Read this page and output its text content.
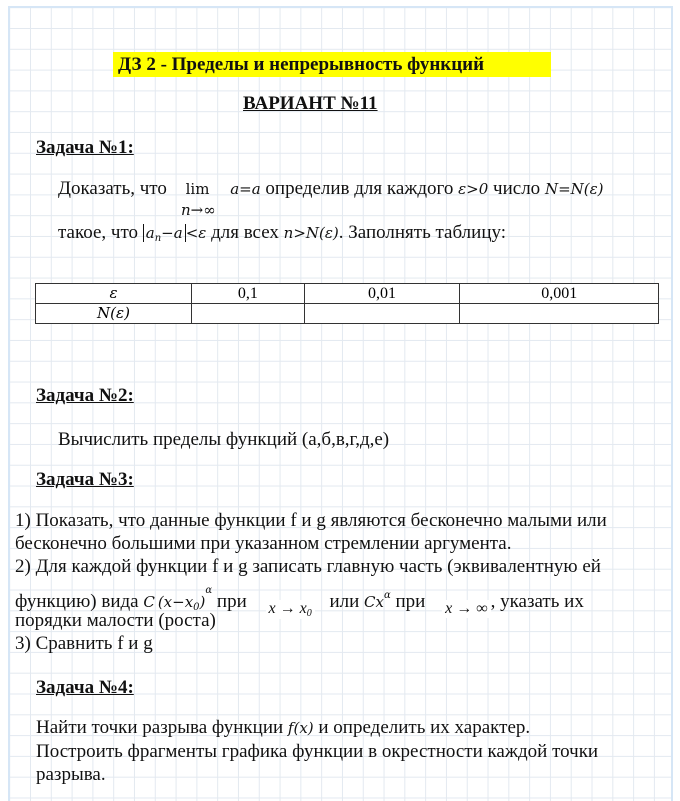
ДЗ 2 - Пределы и непрерывность функций
ВАРИАНТ №11
Задача №1:
Доказать, что lim a=a определив для каждого ε>0 число N=N(ε)
n→∞
такое, что $a_n-a <\varepsilon$ для всех n>N(ε). Заполнять таблицу:
ε	0,1	0,01	0,001
N(ε)			
Задача №2:
Вычислить пределы функций (а,б,в,г,д,е)
Задача №3:
1) Показать, что данные функции f и g являются бесконечно малыми или
бесконечно большими при указанном стремлении аргумента.
2) Для каждой функции f и g записать главную часть (эквивалентную ей
функцию) вида C $(x-x_0)^\alpha$ при $x \to x_0$ или $Cx^\alpha$ при x → ∞ , указать их
порядки малости (роста)
3) Сравнить f и g
Задача №4:
Найти точки разрыва функции f(x) и определить их характер.
Построить фрагменты графика функции в окрестности каждой точки
разрыва.
